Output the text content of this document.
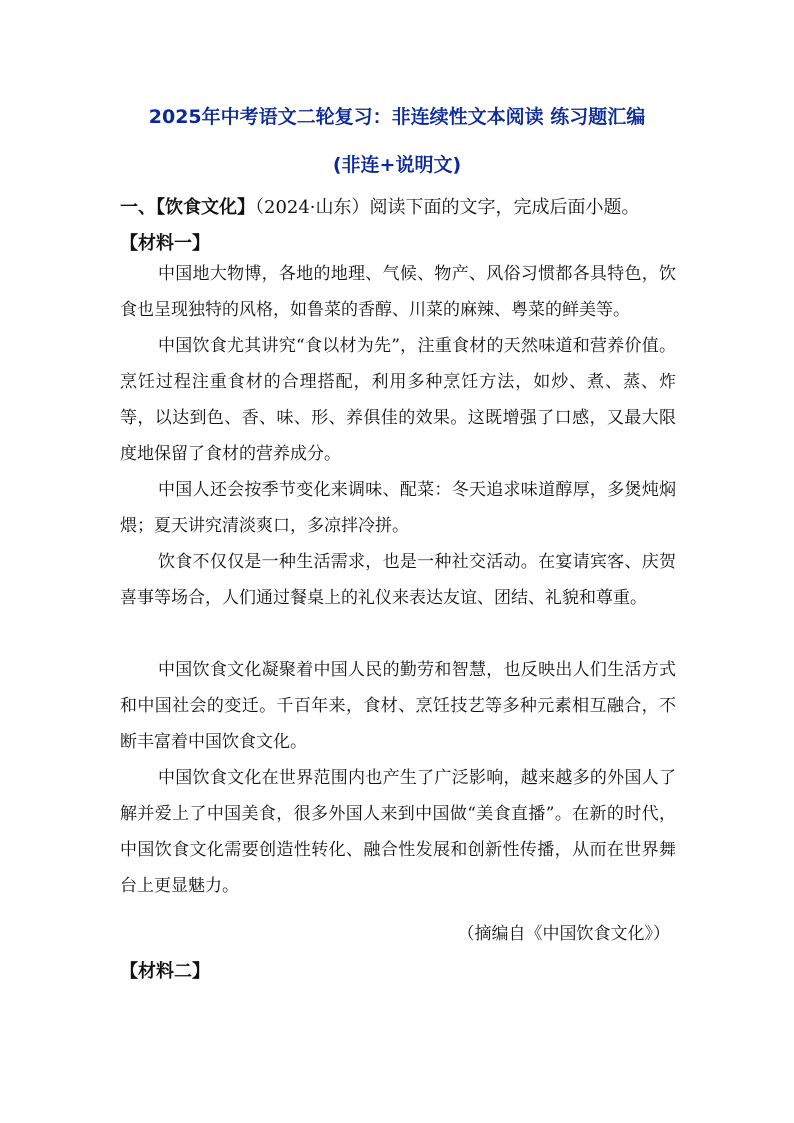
2025年中考语文二轮复习：非连续性文本阅读 练习题汇编
(非连+说明文)
一、【饮食文化】（2024·山东）阅读下面的文字，完成后面小题。
【材料一】

中国地大物博，各地的地理、气候、物产、风俗习惯都各具特色，饮食也呈现独特的风格，如鲁菜的香醇、川菜的麻辣、粤菜的鲜美等。

中国饮食尤其讲究“食以材为先”，注重食材的天然味道和营养价值。烹饪过程注重食材的合理搭配，利用多种烹饪方法，如炒、煮、蒸、炸等，以达到色、香、味、形、养俱佳的效果。这既增强了口感，又最大限度地保留了食材的营养成分。

中国人还会按季节变化来调味、配菜：冬天追求味道醇厚，多煲炖焖煨；夏天讲究清淡爽口，多凉拌冷拼。

饮食不仅仅是一种生活需求，也是一种社交活动。在宴请宾客、庆贺喜事等场合，人们通过餐桌上的礼仪来表达友谊、团结、礼貌和尊重。

中国饮食文化凝聚着中国人民的勤劳和智慧，也反映出人们生活方式和中国社会的变迁。千百年来，食材、烹饪技艺等多种元素相互融合，不断丰富着中国饮食文化。

中国饮食文化在世界范围内也产生了广泛影响，越来越多的外国人了解并爱上了中国美食，很多外国人来到中国做“美食直播”。在新的时代，中国饮食文化需要创造性转化、融合性发展和创新性传播，从而在世界舞台上更显魅力。

（摘编自《中国饮食文化》）
【材料二】
